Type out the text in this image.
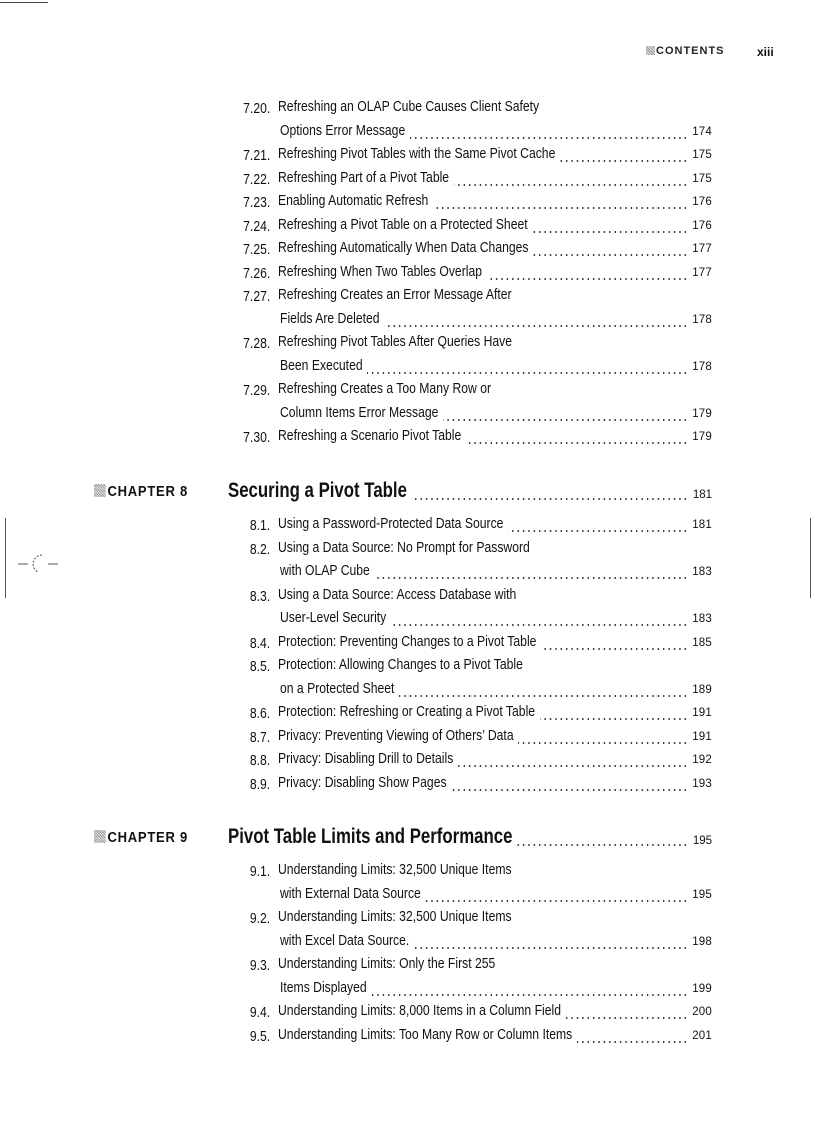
CONTENTS	xiii
7.20. Refreshing an OLAP Cube Causes Client Safety
Options Error Message	174
7.21. Refreshing Pivot Tables with the Same Pivot Cache	175
7.22. Refreshing Part of a Pivot Table	175
7.23. Enabling Automatic Refresh	176
7.24. Refreshing a Pivot Table on a Protected Sheet	176
7.25. Refreshing Automatically When Data Changes	177
7.26. Refreshing When Two Tables Overlap	177
7.27. Refreshing Creates an Error Message After
Fields Are Deleted	178
7.28. Refreshing Pivot Tables After Queries Have
Been Executed	178
7.29. Refreshing Creates a Too Many Row or
Column Items Error Message	179
7.30. Refreshing a Scenario Pivot Table	179
CHAPTER 8 Securing a Pivot Table	181
8.1. Using a Password-Protected Data Source	181
8.2. Using a Data Source: No Prompt for Password
with OLAP Cube	183
8.3. Using a Data Source: Access Database with
User-Level Security	183
8.4. Protection: Preventing Changes to a Pivot Table	185
8.5. Protection: Allowing Changes to a Pivot Table
on a Protected Sheet	189
8.6. Protection: Refreshing or Creating a Pivot Table	191
8.7. Privacy: Preventing Viewing of Others’ Data	191
8.8. Privacy: Disabling Drill to Details	192
8.9. Privacy: Disabling Show Pages	193
CHAPTER 9 Pivot Table Limits and Performance	195
9.1. Understanding Limits: 32,500 Unique Items
with External Data Source	195
9.2. Understanding Limits: 32,500 Unique Items
with Excel Data Source.	198
9.3. Understanding Limits: Only the First 255
Items Displayed	199
9.4. Understanding Limits: 8,000 Items in a Column Field	200
9.5. Understanding Limits: Too Many Row or Column Items	201
